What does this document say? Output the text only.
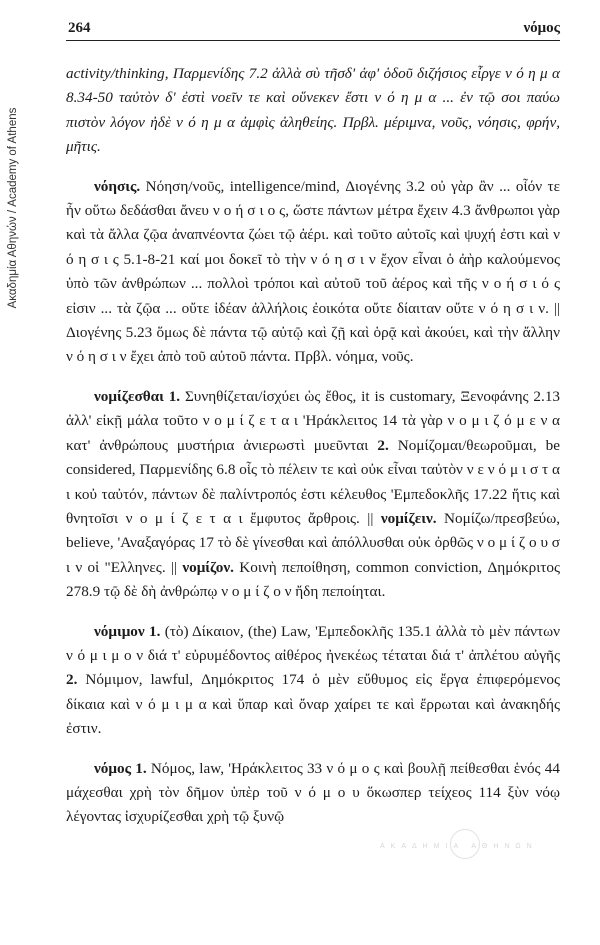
Ακαδημία Αθηνών / Academy of Athens
264	νόμος

activity/thinking, Παρμενίδης 7.2 ἀλλὰ σὺ τῆσδ' ἀφ' ὁδοῦ διζήσιος εἶργε ν ό η μ α 8.34-50 ταὐτὸν δ' ἐστὶ νοεῖν τε καὶ οὕνεκεν ἔστι ν ό η μ α ... ἐν τῷ σοι παύω πιστὸν λόγον ἠδὲ ν ό η μ α ἀμφὶς ἀληθείης. Πρβλ. μέριμνα, νοῦς, νόησις, φρήν, μῆτις.

νόησις. Νόηση/νοῦς, intelligence/mind, Διογένης 3.2 οὐ γὰρ ἂν ... οἷόν τε ἦν οὕτω δεδάσθαι ἄνευ ν ο ή σ ι ο ς, ὥστε πάντων μέτρα ἔχειν 4.3 ἄνθρωποι γὰρ καὶ τὰ ἄλλα ζῷα ἀναπνέοντα ζώει τῷ ἀέρι. καὶ τοῦτο αὐτοῖς καὶ ψυχή ἐστι καὶ ν ό η σ ι ς 5.1-8-21 καί μοι δοκεῖ τὸ τὴν ν ό η σ ι ν ἔχον εἶναι ὁ ἀὴρ καλούμενος ὑπὸ τῶν ἀνθρώπων ... πολλοὶ τρόποι καὶ αὐτοῦ τοῦ ἀέρος καὶ τῆς ν ο ή σ ι ό ς εἰσιν ... τὰ ζῷα ... οὔτε ἰδέαν ἀλλήλοις ἐοικότα οὔτε δίαιταν οὔτε ν ό η σ ι ν. || Διογένης 5.23 ὅμως δὲ πάντα τῷ αὐτῷ καὶ ζῇ καὶ ὁρᾷ καὶ ἀκούει, καὶ τὴν ἄλλην ν ό η σ ι ν ἔχει ἀπὸ τοῦ αὐτοῦ πάντα. Πρβλ. νόημα, νοῦς.

νομίζεσθαι 1. Συνηθίζεται/ἰσχύει ὡς ἔθος, it is customary, Ξενοφάνης 2.13 ἀλλ' εἰκῇ μάλα τοῦτο ν ο μ ί ζ ε τ α ι 'Ηράκλειτος 14 τὰ γὰρ ν ο μ ι ζ ό μ ε ν α κατ' ἀνθρώπους μυστήρια ἀνιερωστὶ μυεῦνται 2. Νομίζομαι/θεωροῦμαι, be considered, Παρμενίδης 6.8 οἷς τὸ πέλειν τε καὶ οὐκ εἶναι ταὐτὸν ν ε ν ό μ ι σ τ α ι κοὐ ταὐτόν, πάντων δὲ παλίντροπός ἐστι κέλευθος 'Εμπεδοκλῆς 17.22 ἥτις καὶ θνητοῖσι ν ο μ ί ζ ε τ α ι ἔμφυτος ἄρθροις. || νομίζειν. Νομίζω/πρεσβεύω, believe, 'Αναξαγόρας 17 τὸ δὲ γίνεσθαι καὶ ἀπόλλυσθαι οὐκ ὀρθῶς ν ο μ ί ζ ο υ σ ι ν οἱ "Ελληνες. || νομίζον. Κοινὴ πεποίθηση, common conviction, Δημόκριτος 278.9 τῷ δὲ δὴ ἀνθρώπῳ ν ο μ ί ζ ο ν ἤδη πεποίηται.

νόμιμον 1. (τὸ) Δίκαιον, (the) Law, 'Εμπεδοκλῆς 135.1 ἀλλὰ τὸ μὲν πάντων ν ό μ ι μ ο ν διά τ' εὐρυμέδοντος αἰθέρος ἠνεκέως τέταται διά τ' ἀπλέτου αὐγῆς 2. Νόμιμον, lawful, Δημόκριτος 174 ὁ μὲν εὔθυμος εἰς ἔργα ἐπιφερόμενος δίκαια καὶ ν ό μ ι μ α καὶ ὕπαρ καὶ ὄναρ χαίρει τε καὶ ἔρρωται καὶ ἀνακηδής ἐστιν.

νόμος 1. Νόμος, law, 'Ηράκλειτος 33 ν ό μ ο ς καὶ βουλῇ πείθεσθαι ἑνός 44 μάχεσθαι χρὴ τὸν δῆμον ὑπὲρ τοῦ ν ό μ ο υ ὅκωσπερ τείχεος 114 ξὺν νόῳ λέγοντας ἰσχυρίζεσθαι χρὴ τῷ ξυνῷ

ΑΚΑΔΗΜΙΑ ΑΘΗΝΩΝ
